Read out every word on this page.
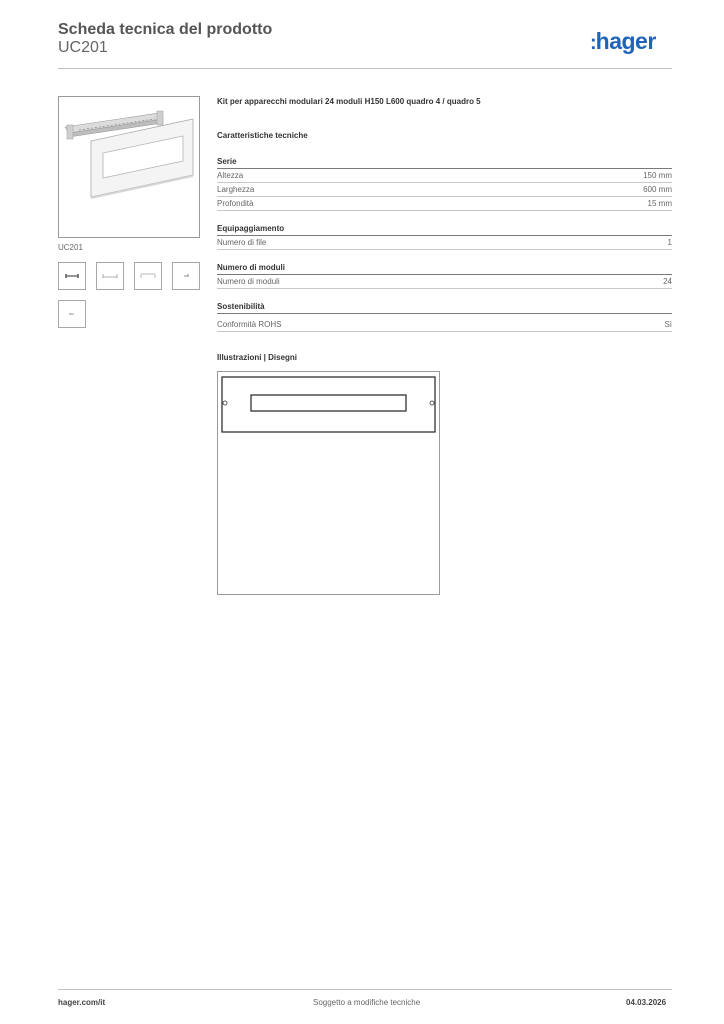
Scheda tecnica del prodotto
UC201	:hager
UC201
Kit per apparecchi modulari 24 moduli H150 L600 quadro 4 / quadro 5
Caratteristiche tecniche
Serie
Altezza	150 mm
Larghezza	600 mm
Profondità	15 mm
Equipaggiamento
Numero di file	1
Numero di moduli
Numero di moduli	24
Sostenibilità
Conformità ROHS	Sì
Illustrazioni | Disegni
hager.com/it	Soggetto a modifiche tecniche	04.03.2026
